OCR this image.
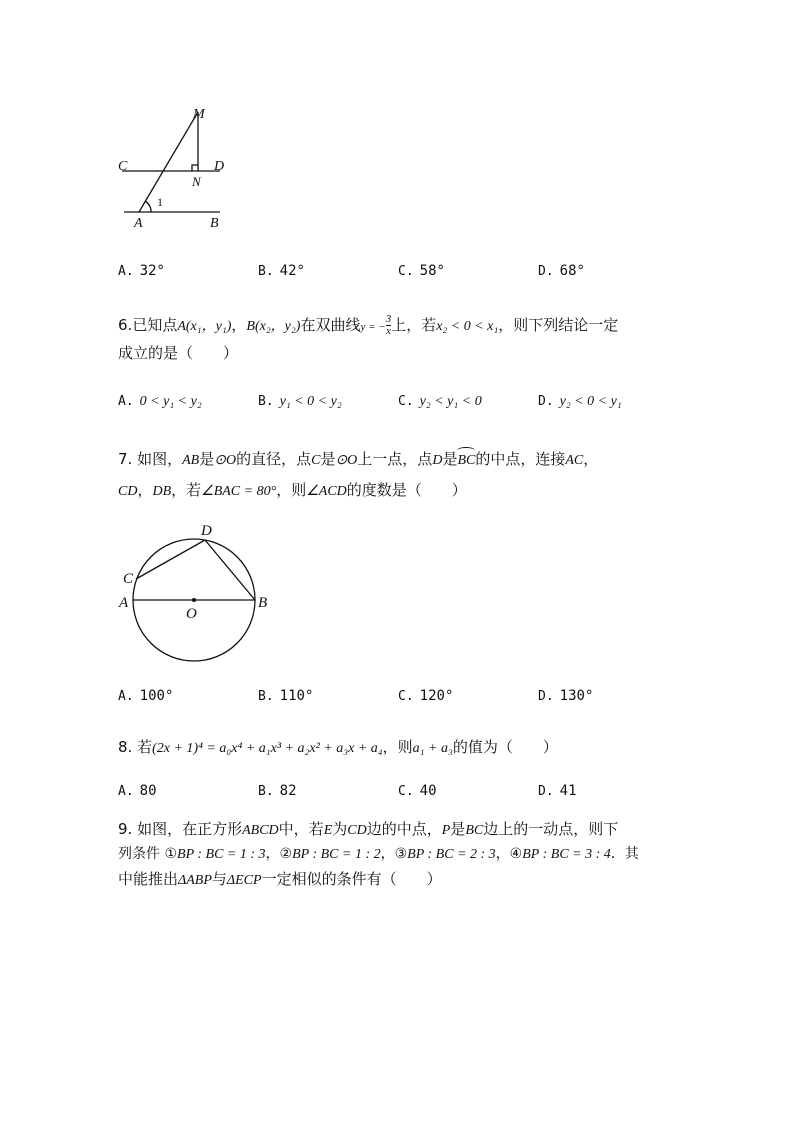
M
C	D
N
A	B
1
A. 32°	B. 42°	C. 58°	D. 68°
6.已知点A(x₁，y₁)，B(x₂，y₂)在双曲线y = − $\frac{3}{x}$ 上，若x₂ < 0 < x₁，则下列结论一定
成立的是（　　）
A. 0 < y₁ < y₂	B. y₁ < 0 < y₂	C. y₂ < y₁ < 0	D. y₂ < 0 < y₁
7. 如图，AB是⊙O的直径，点C是⊙O上一点，点D是BC的中点，连接AC，
CD，DB，若∠BAC = 80°，则∠ACD的度数是（　　）
D
C
A
O
B
A. 100°	B. 110°	C. 120°	D. 130°
8. 若(2x + 1)⁴ = a₀x⁴ + a₁x³ + a₂x² + a₃x + a₄，则a₁ + a₃的值为（　　）
A. 80	B. 82	C. 40	D. 41
9. 如图，在正方形ABCD中，若E为CD边的中点，P是BC边上的一动点，则下
列条件 ①BP : BC = 1 : 3，②BP : BC = 1 : 2，③BP : BC = 2 : 3，④BP : BC = 3 : 4．其
中能推出ΔABP与ΔECP一定相似的条件有（　　）
